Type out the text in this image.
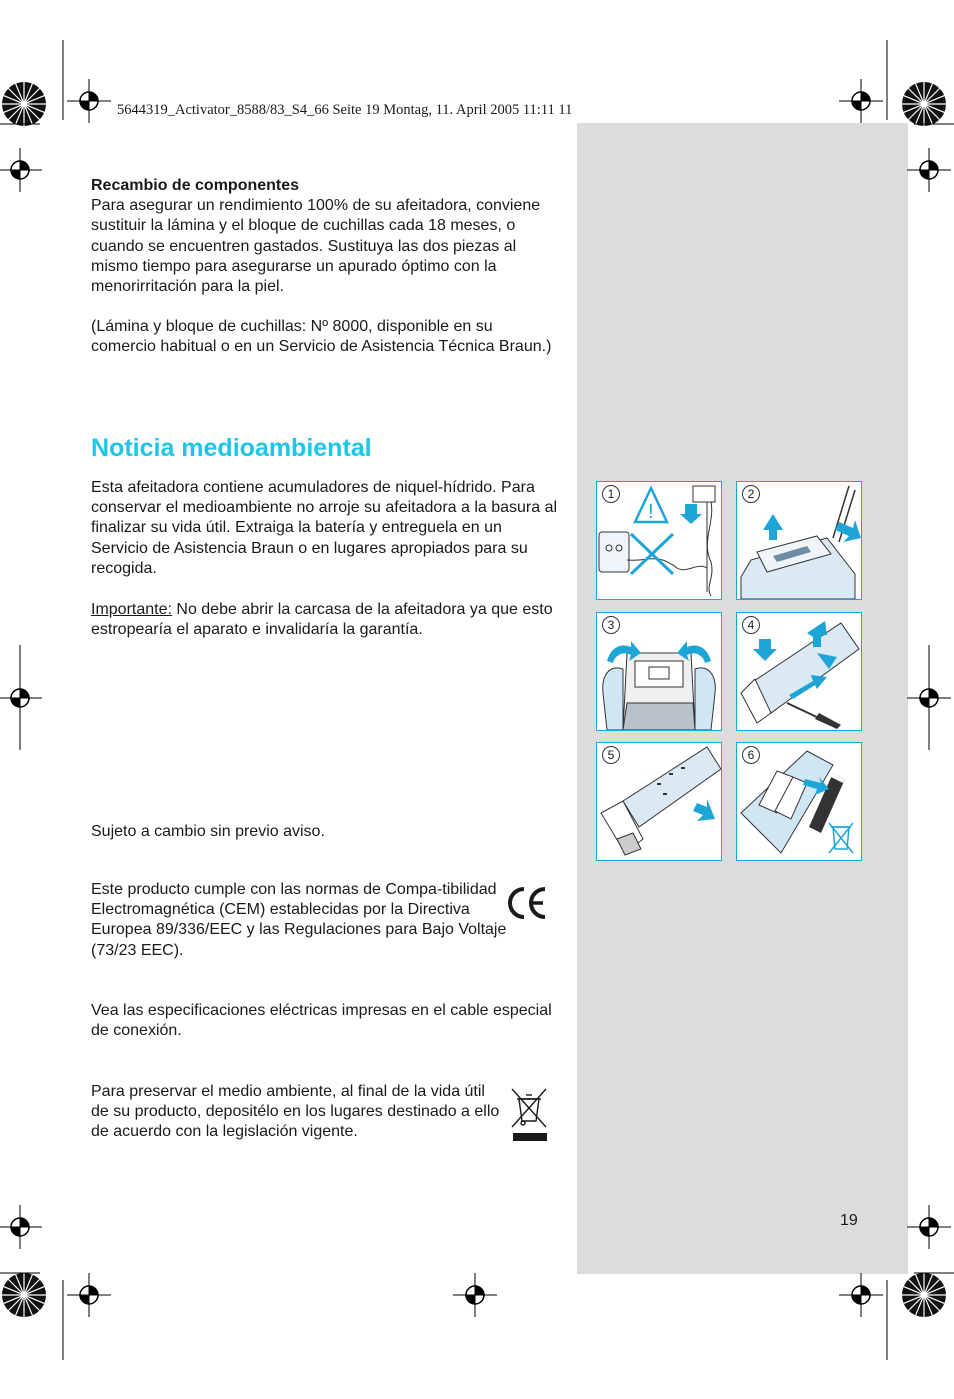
5644319_Activator_8588/83_S4_66 Seite 19 Montag, 11. April 2005 11:11 11

Recambio de componentes

Para asegurar un rendimiento 100% de su afeitadora, conviene sustituir la lámina y el bloque de cuchillas cada 18 meses, o cuando se encuentren gastados. Sustituya las dos piezas al mismo tiempo para asegurarse un apurado óptimo con la menorirritación para la piel.

(Lámina y bloque de cuchillas: Nº 8000, disponible en su comercio habitual o en un Servicio de Asistencia Técnica Braun.)
Noticia medioambiental
Esta afeitadora contiene acumuladores de niquel-hídrido. Para conservar el medioambiente no arroje su afeitadora a la basura al finalizar su vida útil. Extraiga la batería y entreguela en un Servicio de Asistencia Braun o en lugares apropiados para su recogida.
Importante: No debe abrir la carcasa de la afeitadora ya que esto estropearía el aparato e invalidaría la garantía.
Sujeto a cambio sin previo aviso.
Este producto cumple con las normas de Compa-tibilidad Electromagnética (CEM) establecidas por la Directiva Europea 89/336/EEC y las Regulaciones para Bajo Voltaje (73/23 EEC).
Vea las especificaciones eléctricas impresas en el cable especial de conexión.
Para preservar el medio ambiente, al final de la vida útil de su producto, depositélo en los lugares destinado a ello de acuerdo con la legislación vigente.
!
1	2
3	4
5	6
19
